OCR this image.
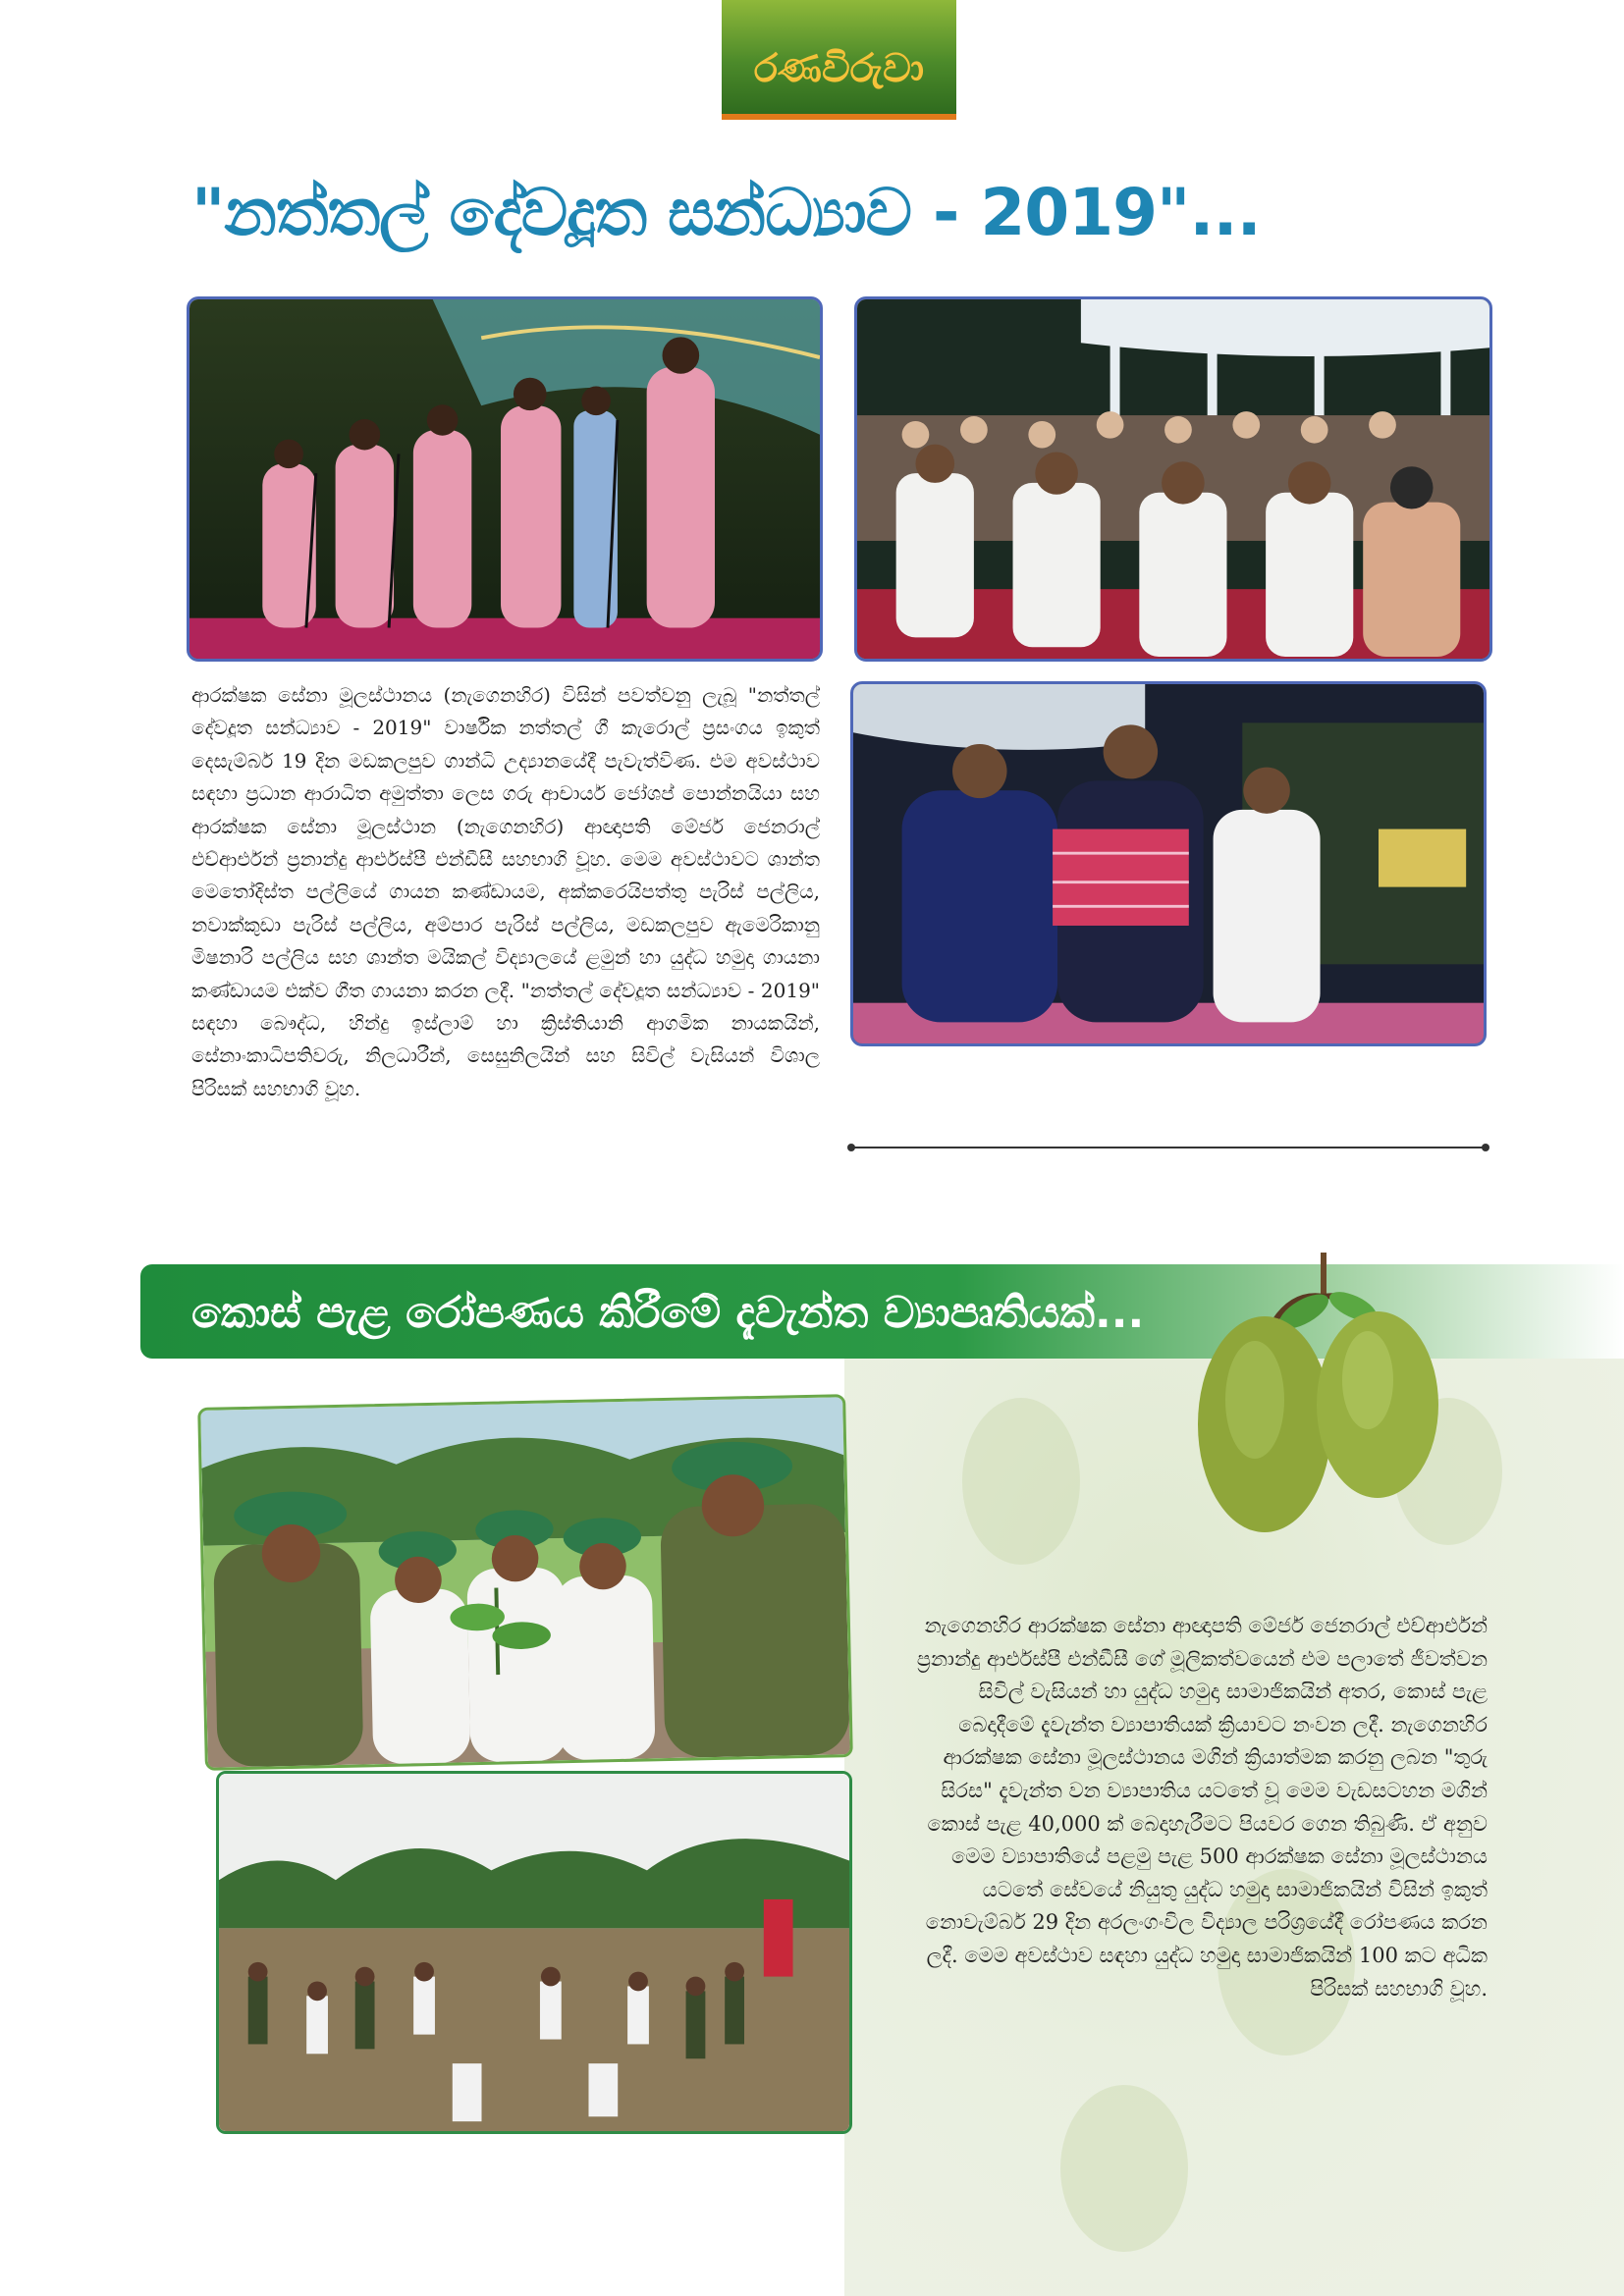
රණවිරුවා
"නත්තල් දේවදූත සන්ධ්‍යාව - 2019"...

ආරක්ෂක සේනා මූලස්ථානය (නැගෙනහිර) විසින් පවත්වනු ලැබූ "නත්තල් දේවදූත සන්ධ්‍යාව - 2019" වාර්ෂික නත්තල් ගී කැරොල් ප්‍රසංගය ඉකුත් දෙසැම්බර් 19 දින මඩකලපුව ගාන්ධි උද්‍යානයේදී පැවැත්විණ. එම අවස්ථාව සඳහා ප්‍රධාන ආරාධිත අමුත්තා ලෙස ගරු ආචාර්ය ජෝශප් පොන්නයියා සහ ආරක්ෂක සේනා මූලස්ථාන (නැගෙනහිර) ආඥාපති මේජර් ජෙනරාල් එච්ආර්එන් ප්‍රනාන්දු ආර්එස්පී එන්ඩීසී සහභාගි වූහ. මෙම අවස්ථාවට ශාන්ත මෙතෝදිස්ත පල්ලියේ ගායන කණ්ඩායම, අක්කරෙයිපත්තු පැරිස් පල්ලිය, නවාක්කුඩා පැරිස් පල්ලිය, අම්පාර පැරිස් පල්ලිය, මඩකලපුව ඇමෙරිකානු මිෂනාරි පල්ලිය සහ ශාන්ත මයිකල් විද්‍යාලයේ ළමුන් හා යුද්ධ හමුදා ගායනා කණ්ඩායම එක්ව ගීත ගායනා කරන ලදී. "නත්තල් දේවදූත සන්ධ්‍යාව - 2019" සඳහා බෞද්ධ, හින්දු ඉස්ලාම් හා ක්‍රිස්තියානි ආගමික නායකයින්, සේනාංකාධිපතිවරු, නිලධාරීන්, සෙසුනිලයින් සහ සිවිල් වැසියන් විශාල පිරිසක් සහභාගි වූහ.

කොස් පැළ රෝපණය කිරීමේ දැවැන්ත ව්‍යාපෘතියක්...

නැගෙනහිර ආරක්ෂක සේනා ආඥාපති මේජර් ජෙනරාල් එච්ආර්එන් ප්‍රනාන්දු ආර්එස්පී එන්ඩීසී ගේ මූලිකත්වයෙන් එම පලාතේ ජීවත්වන සිවිල් වැසියන් හා යුද්ධ හමුදා සාමාජිකයින් අතර, කොස් පැළ බෙදාදීමේ දැවැන්ත ව්‍යාපාතියක් ක්‍රියාවට නංවන ලදී. නැගෙනහිර ආරක්ෂක සේනා මූලස්ථානය මගින් ක්‍රියාත්මක කරනු ලබන "තුරු සිරස" දැවැන්ත වන ව්‍යාපාතිය යටතේ වූ මෙම වැඩසටහන මගින් කොස් පැළ 40,000 ක් බෙදාහැරීමට පියවර ගෙන තිබුණි. ඒ අනුව මෙම ව්‍යාපාතියේ පළමු පැළ 500 ආරක්ෂක සේනා මූලස්ථානය යටතේ සේවයේ නියුතු යුද්ධ හමුදා සාමාජිකයින් විසින් ඉකුත් නොවැම්බර් 29 දින අරලංගංවිල විද්‍යාල පරිශ්‍රයේදී රෝපණය කරන ලදී. මෙම අවස්ථාව සඳහා යුද්ධ හමුදා සාමාජිකයින් 100 කට අධික පිරිසක් සහභාගි වූහ.
